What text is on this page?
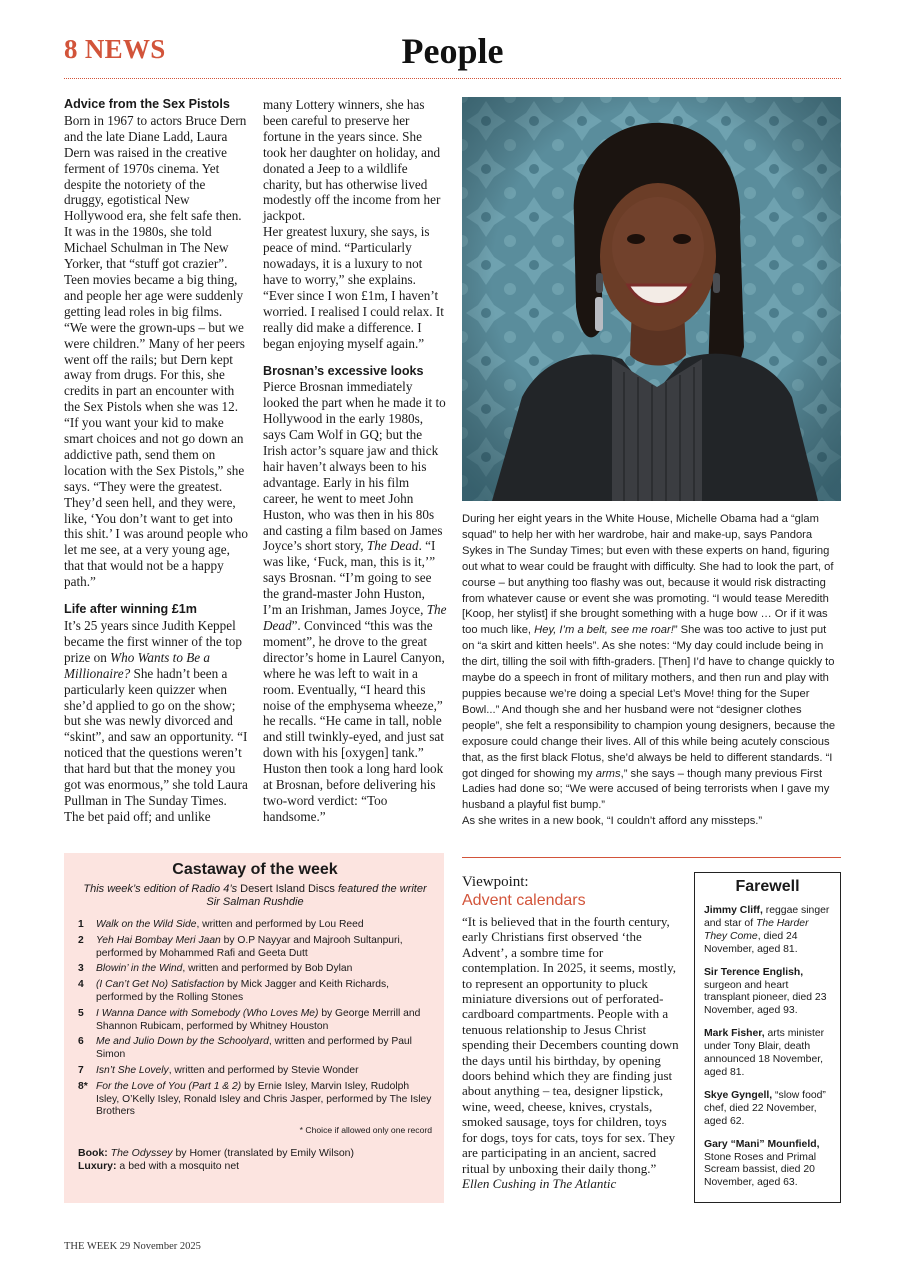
8 NEWS	People

Advice from the Sex Pistols

Born in 1967 to actors Bruce Dern and the late Diane Ladd, Laura Dern was raised in the creative ferment of 1970s cinema. Yet despite the notoriety of the druggy, egotistical New Hollywood era, she felt safe then. It was in the 1980s, she told Michael Schulman in The New Yorker, that “stuff got crazier”. Teen movies became a big thing, and people her age were suddenly getting lead roles in big films. “We were the grown-ups – but we were children.” Many of her peers went off the rails; but Dern kept away from drugs. For this, she credits in part an encounter with the Sex Pistols when she was 12. “If you want your kid to make smart choices and not go down an addictive path, send them on location with the Sex Pistols,” she says. “They were the greatest. They’d seen hell, and they were, like, ‘You don’t want to get into this shit.’ I was around people who let me see, at a very young age, that that would not be a happy path.”

Life after winning £1m

It’s 25 years since Judith Keppel became the first winner of the top prize on Who Wants to Be a Millionaire? She hadn’t been a particularly keen quizzer when she’d applied to go on the show; but she was newly divorced and “skint”, and saw an opportunity. “I noticed that the questions weren’t that hard but that the money you got was enormous,” she told Laura Pullman in The Sunday Times. The bet paid off; and unlike

many Lottery winners, she has been careful to preserve her fortune in the years since. She took her daughter on holiday, and donated a Jeep to a wildlife charity, but has otherwise lived modestly off the income from her jackpot.

Her greatest luxury, she says, is peace of mind. “Particularly nowadays, it is a luxury to not have to worry,” she explains. “Ever since I won £1m, I haven’t worried. I realised I could relax. It really did make a difference. I began enjoying myself again.”

Brosnan’s excessive looks

Pierce Brosnan immediately looked the part when he made it to Hollywood in the early 1980s, says Cam Wolf in GQ; but the Irish actor’s square jaw and thick hair haven’t always been to his advantage. Early in his film career, he went to meet John Huston, who was then in his 80s and casting a film based on James Joyce’s short story, The Dead. “I was like, ‘Fuck, man, this is it,’” says Brosnan. “I’m going to see the grand-master John Huston, I’m an Irishman, James Joyce, The Dead”. Convinced “this was the moment”, he drove to the great director’s home in Laurel Canyon, where he was left to wait in a room. Eventually, “I heard this noise of the emphysema wheeze,” he recalls. “He came in tall, noble and still twinkly-eyed, and just sat down with his [oxygen] tank.” Huston then took a long hard look at Brosnan, before delivering his two-word verdict: “Too handsome.”

During her eight years in the White House, Michelle Obama had a “glam squad” to help her with her wardrobe, hair and make-up, says Pandora Sykes in The Sunday Times; but even with these experts on hand, figuring out what to wear could be fraught with difficulty. She had to look the part, of course – but anything too flashy was out, because it would risk distracting from whatever cause or event she was promoting. “I would tease Meredith [Koop, her stylist] if she brought something with a huge bow … Or if it was too much like, Hey, I’m a belt, see me roar!” She was too active to just put on “a skirt and kitten heels”. As she notes: “My day could include being in the dirt, tilling the soil with fifth-graders. [Then] I’d have to change quickly to maybe do a speech in front of military mothers, and then run and play with puppies because we’re doing a special Let’s Move! thing for the Super Bowl...” And though she and her husband were not “designer clothes people”, she felt a responsibility to champion young designers, because the exposure could change their lives. All of this while being acutely conscious that, as the first black Flotus, she’d always be held to different standards. “I got dinged for showing my arms,” she says – though many previous First Ladies had done so; “We were accused of being terrorists when I gave my husband a playful fist bump.”

As she writes in a new book, “I couldn’t afford any missteps.”

Castaway of the week

This week’s edition of Radio 4’s Desert Island Discs featured the writer Sir Salman Rushdie

1	Walk on the Wild Side, written and performed by Lou Reed
2	Yeh Hai Bombay Meri Jaan by O.P Nayyar and Majrooh Sultanpuri, performed by Mohammed Rafi and Geeta Dutt
3	Blowin’ in the Wind, written and performed by Bob Dylan
4	(I Can’t Get No) Satisfaction by Mick Jagger and Keith Richards, performed by the Rolling Stones
5	I Wanna Dance with Somebody (Who Loves Me) by George Merrill and Shannon Rubicam, performed by Whitney Houston
6	Me and Julio Down by the Schoolyard, written and performed by Paul Simon
7	Isn’t She Lovely, written and performed by Stevie Wonder
8* For the Love of You (Part 1 & 2) by Ernie Isley, Marvin Isley, Rudolph Isley, O’Kelly Isley, Ronald Isley and Chris Jasper, performed by The Isley Brothers

* Choice if allowed only one record

Book: The Odyssey by Homer (translated by Emily Wilson)

Luxury: a bed with a mosquito net

Viewpoint:

Advent calendars

“It is believed that in the fourth century, early Christians first observed ‘the Advent’, a sombre time for contemplation. In 2025, it seems, mostly, to represent an opportunity to pluck miniature diversions out of perforated-cardboard compartments. People with a tenuous relationship to Jesus Christ spending their Decembers counting down the days until his birthday, by opening doors behind which they are finding just about anything – tea, designer lipstick, wine, weed, cheese, knives, crystals, smoked sausage, toys for children, toys for dogs, toys for cats, toys for sex. They are participating in an ancient, sacred ritual by unboxing their daily thong.”

Ellen Cushing in The Atlantic

Farewell

Jimmy Cliff, reggae singer and star of The Harder They Come, died 24 November, aged 81.

Sir Terence English, surgeon and heart transplant pioneer, died 23 November, aged 93.

Mark Fisher, arts minister under Tony Blair, death announced 18 November, aged 81.

Skye Gyngell, “slow food” chef, died 22 November, aged 62.

Gary “Mani” Mounfield, Stone Roses and Primal Scream bassist, died 20 November, aged 63.

THE WEEK 29 November 2025
